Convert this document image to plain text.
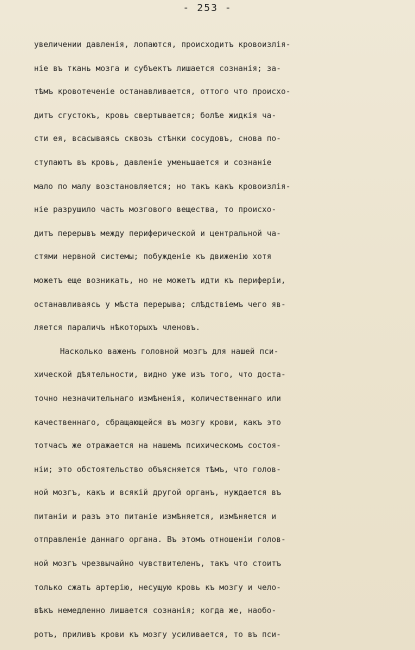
- 253 -
увеличении давленiя, лопаются, происходитъ кровоизлiя-
нiе въ ткань мозга и субъектъ лишается сознанiя; за-
тѣмъ кровотеченiе останавливается, оттого что происхо-
дитъ сгустокъ, кровь свертывается; болѣе жидкiя ча-
сти ея, всасываясь сквозь стѣнки сосудовъ, снова по-
ступаютъ въ кровь, давленiе уменьшается и сознанiе
мало по малу возстановляется; но такъ какъ кровоизлiя-
нiе разрушило часть мозгового вещества, то происхо-
дитъ перерывъ между периферической и центральной ча-
стями нервной системы; побужденiе къ движенiю хотя
можетъ еще возникать, но не можетъ идти къ периферiи,
останавливаясь у мѣста перерыва; слѣдствiемъ чего яв-
ляется параличъ нѣкоторыхъ членовъ.
Насколько важенъ головной мозгъ для нашей пси-
хической дѣятельности, видно уже изъ того, что доста-
точно незначительнаго измѣненiя, количественнаго или
качественнаго, сбращающейся въ мозгу крови, какъ это
тотчасъ же отражается на нашемъ психическомъ состоя-
нiи; это обстоятельство объясняется тѣмъ, что голов-
ной мозгъ, какъ и всякiй другой органъ, нуждается въ
питанiи и разъ это питанiе измѣняется, измѣняется и
отправленiе даннаго органа. Въ этомъ отношенiи голов-
ной мозгъ чрезвычайно чувствителенъ, такъ что стоитъ
только сжать артерiю, несущую кровь къ мозгу и чело-
вѣкъ немедленно лишается сознанiя; когда же, наобо-
ротъ, приливъ крови къ мозгу усиливается, то въ пси-
